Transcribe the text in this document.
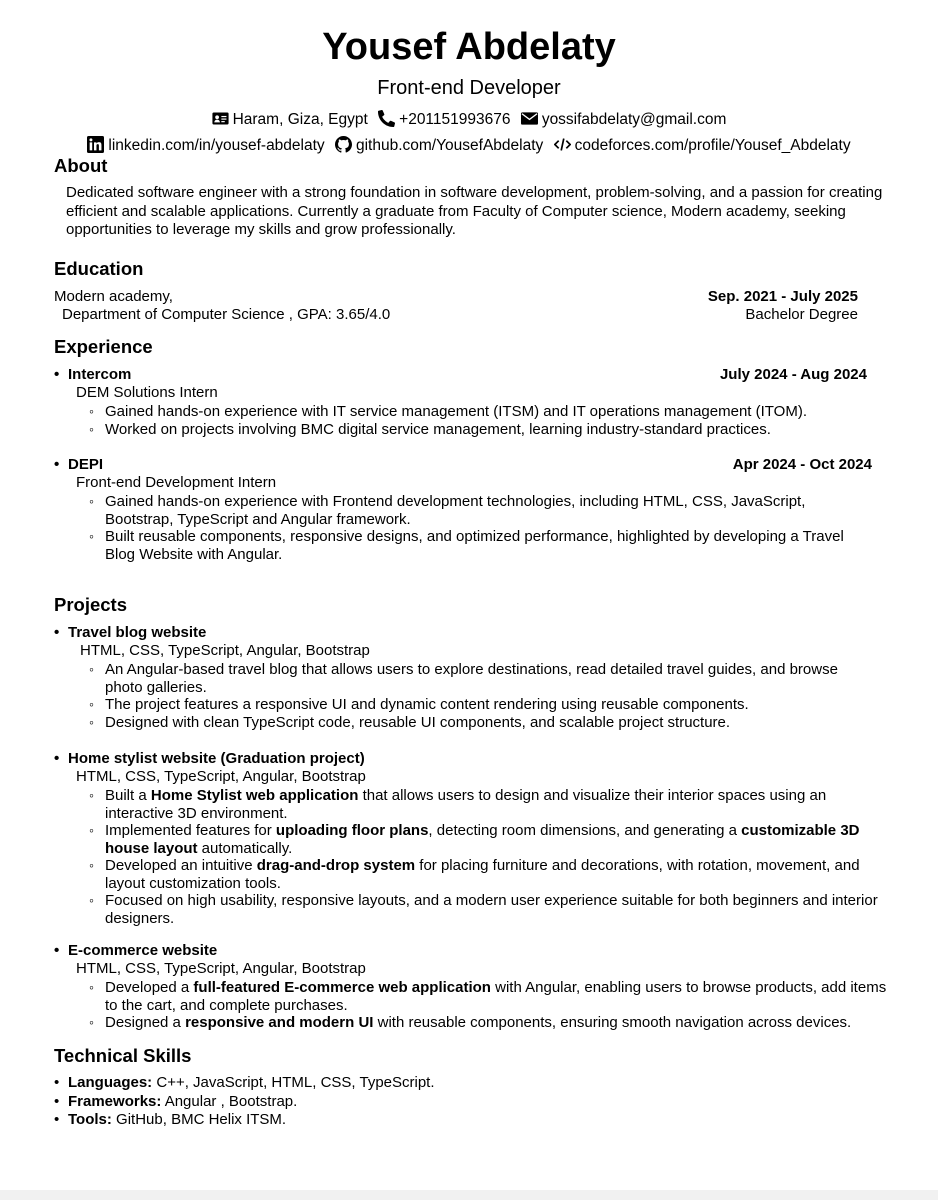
Yousef Abdelaty
Front-end Developer
Haram, Giza, Egypt +201151993676 yossifabdelaty@gmail.com
linkedin.com/in/yousef-abdelaty github.com/YousefAbdelaty codeforces.com/profile/Yousef_Abdelaty
About
Dedicated software engineer with a strong foundation in software development, problem-solving, and a passion for creating efficient and scalable applications. Currently a graduate from Faculty of Computer science, Modern academy, seeking opportunities to leverage my skills and grow professionally.
Education
Modern academy,	Sep. 2021 - July 2025
Department of Computer Science , GPA: 3.65/4.0	Bachelor Degree
Experience
• Intercom	July 2024 - Aug 2024
DEM Solutions Intern
◦ Gained hands-on experience with IT service management (ITSM) and IT operations management (ITOM).
◦ Worked on projects involving BMC digital service management, learning industry-standard practices.
• DEPI	Apr 2024 - Oct 2024
Front-end Development Intern
◦ Gained hands-on experience with Frontend development technologies, including HTML, CSS, JavaScript, Bootstrap, TypeScript and Angular framework.
◦ Built reusable components, responsive designs, and optimized performance, highlighted by developing a Travel Blog Website with Angular.
Projects
• Travel blog website
HTML, CSS, TypeScript, Angular, Bootstrap
◦ An Angular-based travel blog that allows users to explore destinations, read detailed travel guides, and browse photo galleries.
◦ The project features a responsive UI and dynamic content rendering using reusable components.
◦ Designed with clean TypeScript code, reusable UI components, and scalable project structure.
• Home stylist website (Graduation project)
HTML, CSS, TypeScript, Angular, Bootstrap
◦ Built a Home Stylist web application that allows users to design and visualize their interior spaces using an interactive 3D environment.
◦ Implemented features for uploading floor plans, detecting room dimensions, and generating a customizable 3D house layout automatically.
◦ Developed an intuitive drag-and-drop system for placing furniture and decorations, with rotation, movement, and layout customization tools.
◦ Focused on high usability, responsive layouts, and a modern user experience suitable for both beginners and interior designers.
• E-commerce website
HTML, CSS, TypeScript, Angular, Bootstrap
◦ Developed a full-featured E-commerce web application with Angular, enabling users to browse products, add items to the cart, and complete purchases.
◦ Designed a responsive and modern UI with reusable components, ensuring smooth navigation across devices.
Technical Skills
• Languages: C++, JavaScript, HTML, CSS, TypeScript.
• Frameworks: Angular , Bootstrap.
• Tools: GitHub, BMC Helix ITSM.
